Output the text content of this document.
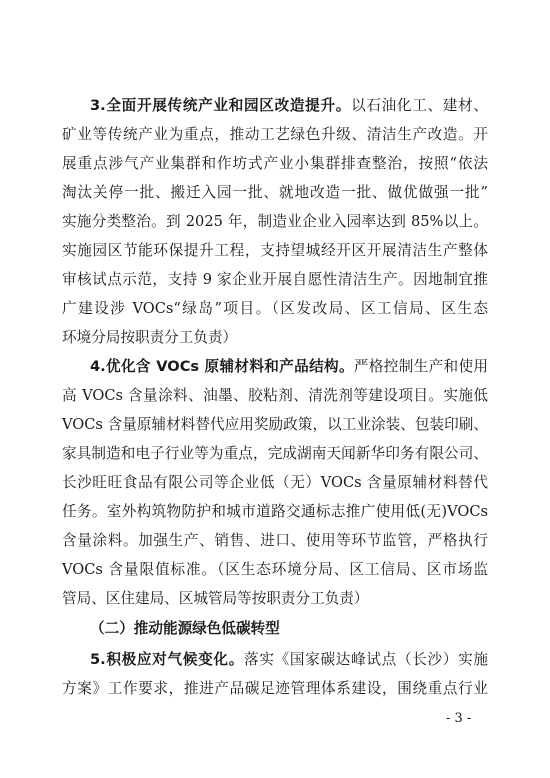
3.全面开展传统产业和园区改造提升。以石油化工、建材、
矿业等传统产业为重点，推动工艺绿色升级、清洁生产改造。开
展重点涉气产业集群和作坊式产业小集群排查整治，按照“依法
淘汰关停一批、搬迁入园一批、就地改造一批、做优做强一批”
实施分类整治。到 2025 年，制造业企业入园率达到 85%以上。
实施园区节能环保提升工程，支持望城经开区开展清洁生产整体
审核试点示范，支持 9 家企业开展自愿性清洁生产。因地制宜推
广建设涉 VOCs“绿岛”项目。（区发改局、区工信局、区生态
环境分局按职责分工负责）
4.优化含 VOCs 原辅材料和产品结构。严格控制生产和使用
高 VOCs 含量涂料、油墨、胶粘剂、清洗剂等建设项目。实施低
VOCs 含量原辅材料替代应用奖励政策，以工业涂装、包装印刷、
家具制造和电子行业等为重点，完成湖南天闻新华印务有限公司、
长沙旺旺食品有限公司等企业低（无）VOCs 含量原辅材料替代
任务。室外构筑物防护和城市道路交通标志推广使用低(无)VOCs
含量涂料。加强生产、销售、进口、使用等环节监管，严格执行
VOCs 含量限值标准。（区生态环境分局、区工信局、区市场监
管局、区住建局、区城管局等按职责分工负责）
（二）推动能源绿色低碳转型
5.积极应对气候变化。落实《国家碳达峰试点（长沙）实施
方案》工作要求，推进产品碳足迹管理体系建设，围绕重点行业
- 3 -
